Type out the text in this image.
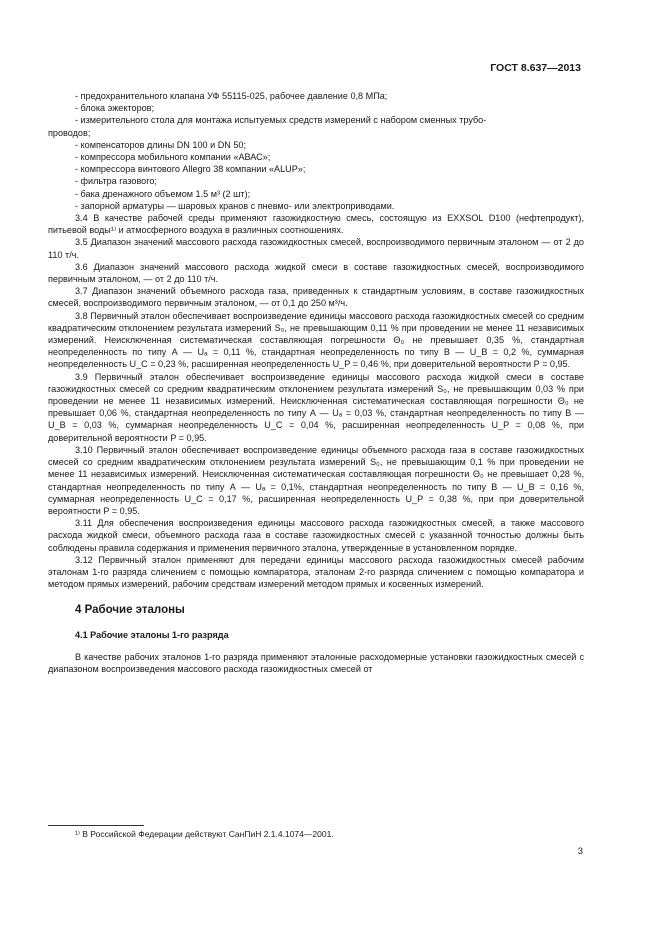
ГОСТ 8.637—2013

- предохранительного клапана УФ 55115-025, рабочее давление 0,8 МПа;

- блока эжекторов;

- измерительного стола для монтажа испытуемых средств измерений с набором сменных трубо-

проводов;

- компенсаторов длины DN 100 и DN 50;

- компрессора мобильного компании «АВАС»;

- компрессора винтового Allegro 38 компании «ALUP»;

- фильтра газового;

- бака дренажного объемом 1.5 м³ (2 шт);

- запорной арматуры — шаровых кранов с пневмо- или электроприводами.

3.4 В качестве рабочей среды применяют газожидкостную смесь, состоящую из EXXSOL D100 (нефтепродукт), питьевой воды¹⁾ и атмосферного воздуха в различных соотношениях.

3.5 Диапазон значений массового расхода газожидкостных смесей, воспроизводимого первичным эталоном — от 2 до 110 т/ч.

3.6 Диапазон значений массового расхода жидкой смеси в составе газожидкостных смесей, воспроизводимого первичным эталоном, — от 2 до 110 т/ч.

3.7 Диапазон значений объемного расхода газа, приведенных к стандартным условиям, в составе газожидкостных смесей, воспроизводимого первичным эталоном, — от 0,1 до 250 м³/ч.

3.8 Первичный эталон обеспечивает воспроизведение единицы массового расхода газожидкостных смесей со средним квадратическим отклонением результата измерений S₀, не превышающим 0,11 % при проведении не менее 11 независимых измерений. Неисключенная систематическая составляющая погрешности Θ₀ не превышает 0,35 %, стандартная неопределенность по типу А — Uₐ = 0,11 %, стандартная неопределенность по типу В — U_B = 0,2 %, суммарная неопределенность U_C = 0,23 %, расширенная неопределенность U_P = 0,46 %, при доверительной вероятности P = 0,95.

3.9 Первичный эталон обеспечивает воспроизведение единицы массового расхода жидкой смеси в составе газожидкостных смесей со средним квадратическим отклонением результата измерений S₀, не превышающим 0,03 % при проведении не менее 11 независимых измерений. Неисключенная систематическая составляющая погрешности Θ₀ не превышает 0,06 %, стандартная неопределенность по типу А — Uₐ = 0,03 %, стандартная неопределенность по типу В — U_B = 0,03 %, суммарная неопределенность U_C = 0,04 %, расширенная неопределенность U_P = 0,08 %, при доверительной вероятности P = 0,95.

3.10 Первичный эталон обеспечивает воспроизведение единицы объемного расхода газа в составе газожидкостных смесей со средним квадратическим отклонением результата измерений S₀, не превышающим 0,1 % при проведении не менее 11 независимых измерений. Неисключенная систематическая составляющая погрешности Θ₀ не превышает 0,28 %, стандартная неопределенность по типу А — Uₐ = 0,1%, стандартная неопределенность по типу В — U_B = 0,16 %, суммарная неопределенность U_C = 0,17 %, расширенная неопределенность U_P = 0,38 %, при при доверительной вероятности P = 0,95.

3.11 Для обеспечения воспроизведения единицы массового расхода газожидкостных смесей, а также массового расхода жидкой смеси, объемного расхода газа в составе газожидкостных смесей с указанной точностью должны быть соблюдены правила содержания и применения первичного эталона, утвержденные в установленном порядке.

3.12 Первичный эталон применяют для передачи единицы массового расхода газожидкостных смесей рабочим эталонам 1-го разряда сличением с помощью компаратора, эталонам 2-го разряда сличением с помощью компаратора и методом прямых измерений, рабочим средствам измерений методом прямых и косвенных измерений.

4 Рабочие эталоны

4.1 Рабочие эталоны 1-го разряда

В качестве рабочих эталонов 1-го разряда применяют эталонные расходомерные установки газожидкостных смесей с диапазоном воспроизведения массового расхода газожидкостных смесей от

¹⁾ В Российской Федерации действуют СанПиН 2.1.4.1074—2001.
3
